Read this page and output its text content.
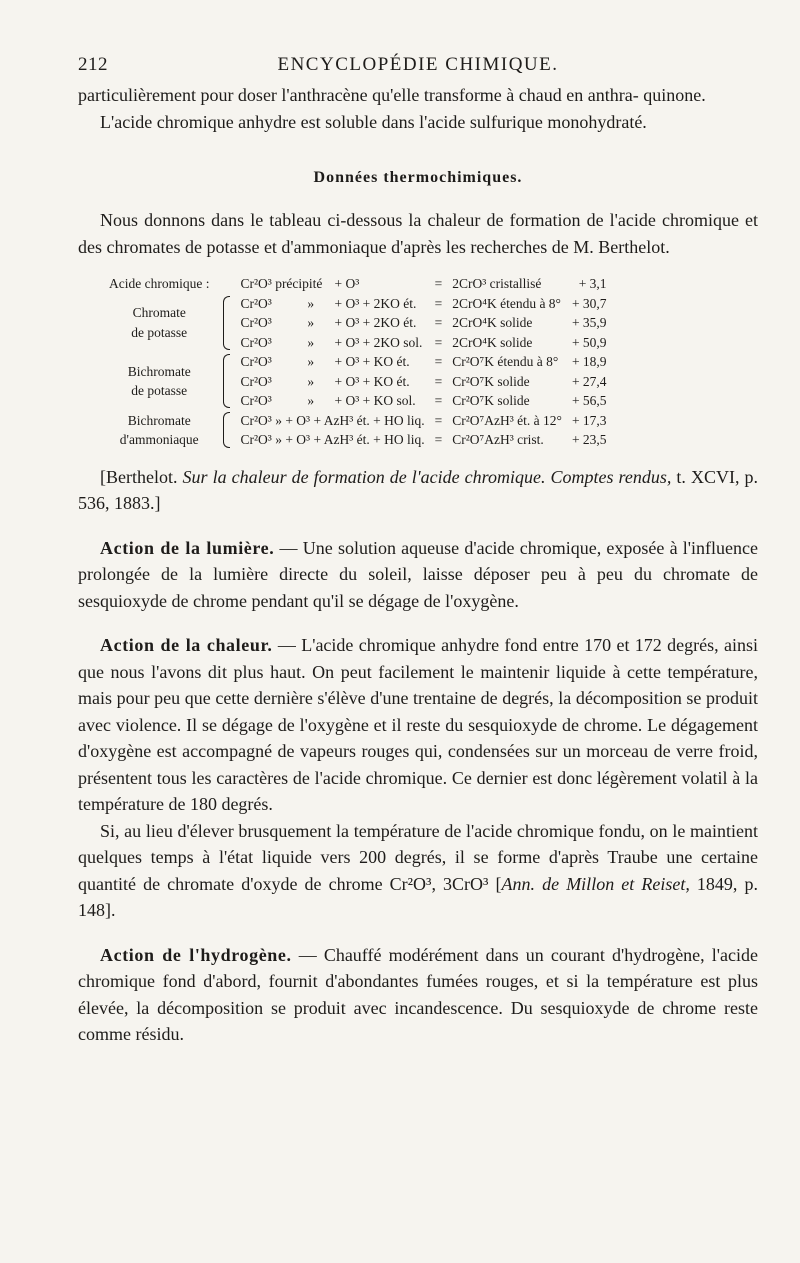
212	ENCYCLOPÉDIE CHIMIQUE.

particulièrement pour doser l'anthracène qu'elle transforme à chaud en anthra- quinone.

L'acide chromique anhydre est soluble dans l'acide sulfurique monohydraté.

Données thermochimiques.

Nous donnons dans le tableau ci-dessous la chaleur de formation de l'acide chromique et des chromates de potasse et d'ammoniaque d'après les recherches de M. Berthelot.

Acide chromique :		Cr²O³ précipité		+ O³	=	2CrO³ cristallisé	+ 3,1

Chromate
de potasse		Cr²O³	»	+ O³ + 2KO ét.	=	2CrO⁴K étendu à 8°	+ 30,7
		Cr²O³	»	+ O³ + 2KO ét.	=	2CrO⁴K solide	+ 35,9
		Cr²O³	»	+ O³ + 2KO sol.	=	2CrO⁴K solide	+ 50,9

Bichromate
de potasse		Cr²O³	»	+ O³ + KO ét.	=	Cr²O⁷K étendu à 8°	+ 18,9
		Cr²O³	»	+ O³ + KO ét.	=	Cr²O⁷K solide	+ 27,4
		Cr²O³	»	+ O³ + KO sol.	=	Cr²O⁷K solide	+ 56,5

Bichromate
d'ammoniaque		Cr²O³ » + O³ + AzH³ ét. + HO liq.			=	Cr²O⁷AzH³ ét. à 12°	+ 17,3
		Cr²O³ » + O³ + AzH³ ét. + HO liq.			=	Cr²O⁷AzH³ crist.	+ 23,5

[Berthelot. Sur la chaleur de formation de l'acide chromique. Comptes rendus, t. XCVI, p. 536, 1883.]

Action de la lumière. — Une solution aqueuse d'acide chromique, exposée à l'influence prolongée de la lumière directe du soleil, laisse déposer peu à peu du chromate de sesquioxyde de chrome pendant qu'il se dégage de l'oxygène.

Action de la chaleur. — L'acide chromique anhydre fond entre 170 et 172 degrés, ainsi que nous l'avons dit plus haut. On peut facilement le maintenir liquide à cette température, mais pour peu que cette dernière s'élève d'une trentaine de degrés, la décomposition se produit avec violence. Il se dégage de l'oxygène et il reste du sesquioxyde de chrome. Le dégagement d'oxygène est accompagné de vapeurs rouges qui, condensées sur un morceau de verre froid, présentent tous les caractères de l'acide chromique. Ce dernier est donc légèrement volatil à la température de 180 degrés.

Si, au lieu d'élever brusquement la température de l'acide chromique fondu, on le maintient quelques temps à l'état liquide vers 200 degrés, il se forme d'après Traube une certaine quantité de chromate d'oxyde de chrome Cr²O³, 3CrO³ [Ann. de Millon et Reiset, 1849, p. 148].

Action de l'hydrogène. — Chauffé modérément dans un courant d'hydrogène, l'acide chromique fond d'abord, fournit d'abondantes fumées rouges, et si la température est plus élevée, la décomposition se produit avec incandescence. Du sesquioxyde de chrome reste comme résidu.
